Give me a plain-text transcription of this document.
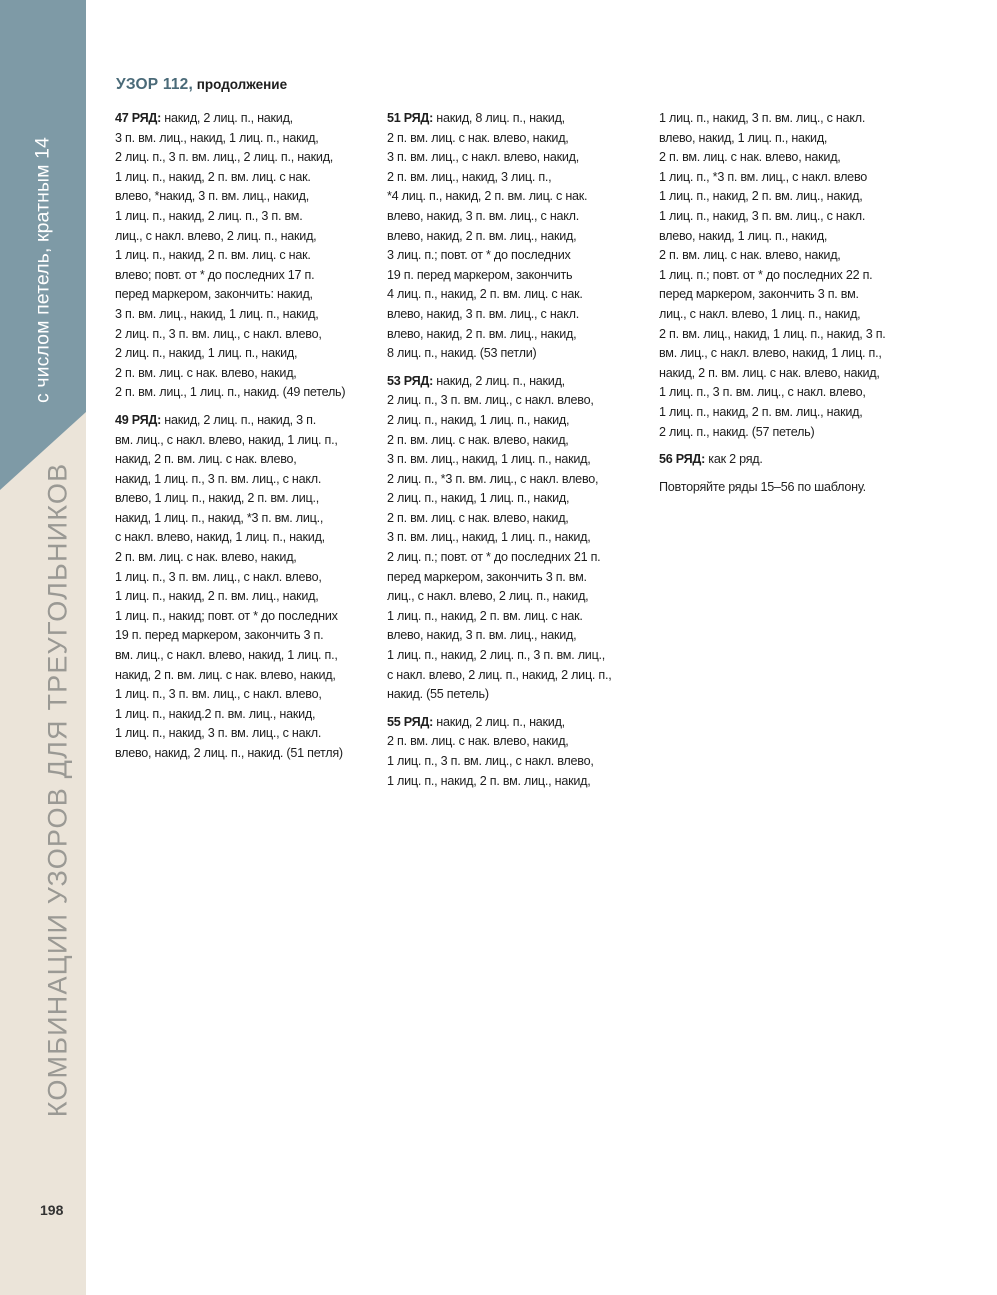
с числом петель, кратным 14
КОМБИНАЦИИ УЗОРОВ ДЛЯ ТРЕУГОЛЬНИКОВ
198
УЗОР 112, продолжение
47 РЯД: накид, 2 лиц. п., накид,
3 п. вм. лиц., накид, 1 лиц. п., накид,
2 лиц. п., 3 п. вм. лиц., 2 лиц. п., накид,
1 лиц. п., накид, 2 п. вм. лиц. с нак.
влево, *накид, 3 п. вм. лиц., накид,
1 лиц. п., накид, 2 лиц. п., 3 п. вм.
лиц., с накл. влево, 2 лиц. п., накид,
1 лиц. п., накид, 2 п. вм. лиц. с нак.
влево; повт. от * до последних 17 п.
перед маркером, закончить: накид,
3 п. вм. лиц., накид, 1 лиц. п., накид,
2 лиц. п., 3 п. вм. лиц., с накл. влево,
2 лиц. п., накид, 1 лиц. п., накид,
2 п. вм. лиц. с нак. влево, накид,
2 п. вм. лиц., 1 лиц. п., накид. (49 петель)
49 РЯД: накид, 2 лиц. п., накид, 3 п.
вм. лиц., с накл. влево, накид, 1 лиц. п.,
накид, 2 п. вм. лиц. с нак. влево,
накид, 1 лиц. п., 3 п. вм. лиц., с накл.
влево, 1 лиц. п., накид, 2 п. вм. лиц.,
накид, 1 лиц. п., накид, *3 п. вм. лиц.,
с накл. влево, накид, 1 лиц. п., накид,
2 п. вм. лиц. с нак. влево, накид,
1 лиц. п., 3 п. вм. лиц., с накл. влево,
1 лиц. п., накид, 2 п. вм. лиц., накид,
1 лиц. п., накид; повт. от * до последних
19 п. перед маркером, закончить 3 п.
вм. лиц., с накл. влево, накид, 1 лиц. п.,
накид, 2 п. вм. лиц. с нак. влево, накид,
1 лиц. п., 3 п. вм. лиц., с накл. влево,
1 лиц. п., накид.2 п. вм. лиц., накид,
1 лиц. п., накид, 3 п. вм. лиц., с накл.
влево, накид, 2 лиц. п., накид. (51 петля)
51 РЯД: накид, 8 лиц. п., накид,
2 п. вм. лиц. с нак. влево, накид,
3 п. вм. лиц., с накл. влево, накид,
2 п. вм. лиц., накид, 3 лиц. п.,
*4 лиц. п., накид, 2 п. вм. лиц. с нак.
влево, накид, 3 п. вм. лиц., с накл.
влево, накид, 2 п. вм. лиц., накид,
3 лиц. п.; повт. от * до последних
19 п. перед маркером, закончить
4 лиц. п., накид, 2 п. вм. лиц. с нак.
влево, накид, 3 п. вм. лиц., с накл.
влево, накид, 2 п. вм. лиц., накид,
8 лиц. п., накид. (53 петли)
53 РЯД: накид, 2 лиц. п., накид,
2 лиц. п., 3 п. вм. лиц., с накл. влево,
2 лиц. п., накид, 1 лиц. п., накид,
2 п. вм. лиц. с нак. влево, накид,
3 п. вм. лиц., накид, 1 лиц. п., накид,
2 лиц. п., *3 п. вм. лиц., с накл. влево,
2 лиц. п., накид, 1 лиц. п., накид,
2 п. вм. лиц. с нак. влево, накид,
3 п. вм. лиц., накид, 1 лиц. п., накид,
2 лиц. п.; повт. от * до последних 21 п.
перед маркером, закончить 3 п. вм.
лиц., с накл. влево, 2 лиц. п., накид,
1 лиц. п., накид, 2 п. вм. лиц. с нак.
влево, накид, 3 п. вм. лиц., накид,
1 лиц. п., накид, 2 лиц. п., 3 п. вм. лиц.,
с накл. влево, 2 лиц. п., накид, 2 лиц. п.,
накид. (55 петель)
55 РЯД: накид, 2 лиц. п., накид,
2 п. вм. лиц. с нак. влево, накид,
1 лиц. п., 3 п. вм. лиц., с накл. влево,
1 лиц. п., накид, 2 п. вм. лиц., накид,
1 лиц. п., накид, 3 п. вм. лиц., с накл.
влево, накид, 1 лиц. п., накид,
2 п. вм. лиц. с нак. влево, накид,
1 лиц. п., *3 п. вм. лиц., с накл. влево
1 лиц. п., накид, 2 п. вм. лиц., накид,
1 лиц. п., накид, 3 п. вм. лиц., с накл.
влево, накид, 1 лиц. п., накид,
2 п. вм. лиц. с нак. влево, накид,
1 лиц. п.; повт. от * до последних 22 п.
перед маркером, закончить 3 п. вм.
лиц., с накл. влево, 1 лиц. п., накид,
2 п. вм. лиц., накид, 1 лиц. п., накид, 3 п.
вм. лиц., с накл. влево, накид, 1 лиц. п.,
накид, 2 п. вм. лиц. с нак. влево, накид,
1 лиц. п., 3 п. вм. лиц., с накл. влево,
1 лиц. п., накид, 2 п. вм. лиц., накид,
2 лиц. п., накид. (57 петель)
56 РЯД: как 2 ряд.
Повторяйте ряды 15–56 по шаблону.
